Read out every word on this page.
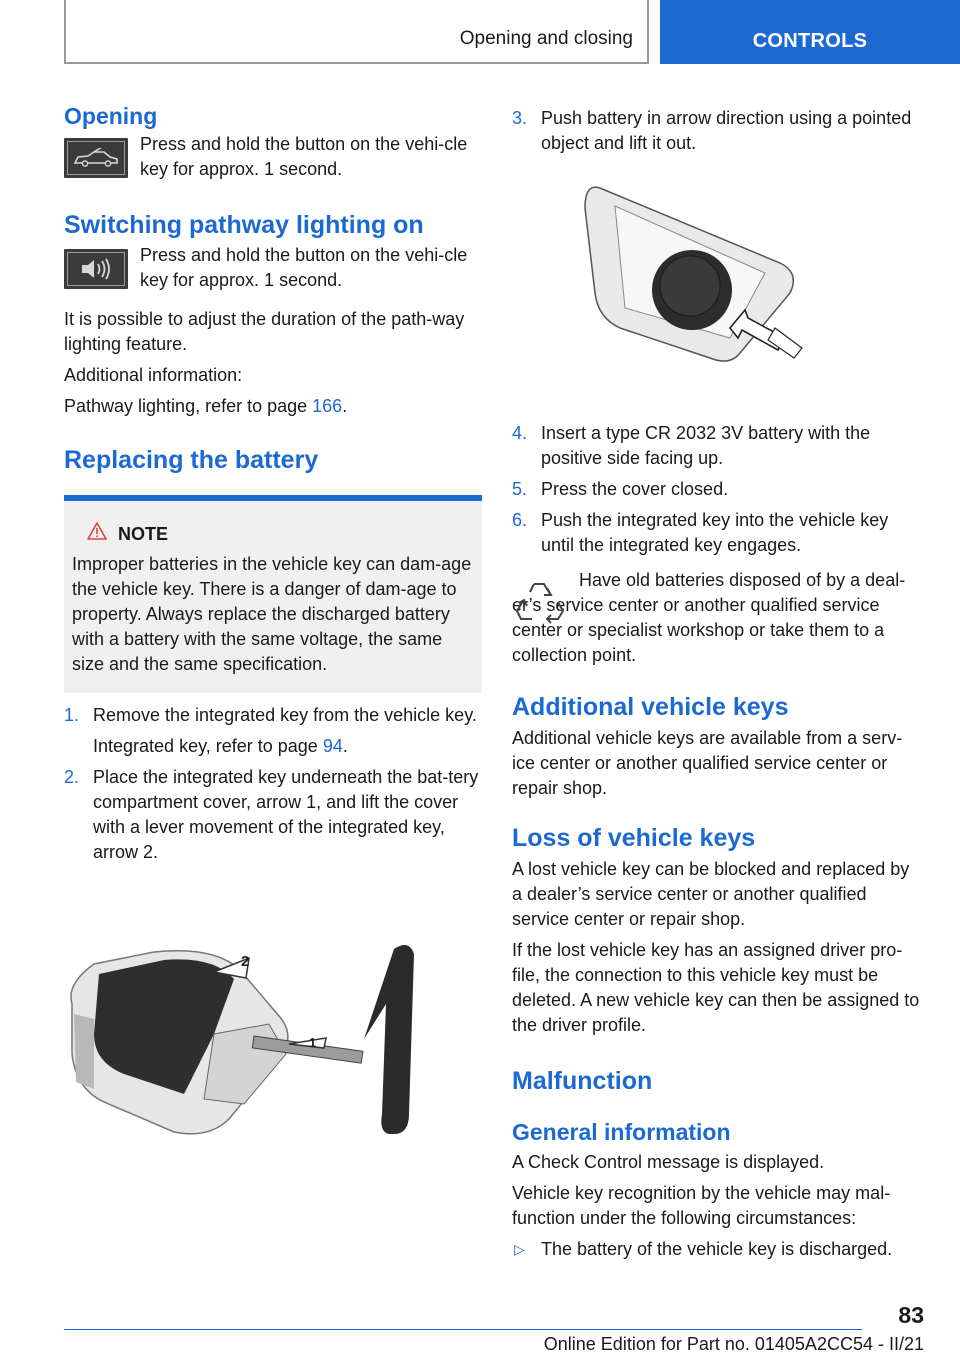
Opening and closing	CONTROLS
Opening

Press and hold the button on the vehi-cle key for approx. 1 second.

Switching pathway lighting on

Press and hold the button on the vehi-cle key for approx. 1 second.

It is possible to adjust the duration of the path-way lighting feature.

Additional information:

Pathway lighting, refer to page 166.

Replacing the battery
NOTE

Improper batteries in the vehicle key can dam-age the vehicle key. There is a danger of dam-age to property. Always replace the discharged battery with a battery with the same voltage, the same size and the same specification.

1. Remove the integrated key from the vehicle key.

Integrated key, refer to page 94.

2. Place the integrated key underneath the bat-tery compartment cover, arrow 1, and lift the cover with a lever movement of the integrated key, arrow 2.

2
1
3. Push battery in arrow direction using a pointed object and lift it out.

4. Insert a type CR 2032 3V battery with the positive side facing up.

5. Press the cover closed.

6. Push the integrated key into the vehicle key until the integrated key engages.

Have old batteries disposed of by a deal-er’s service center or another qualified service center or specialist workshop or take them to a collection point.

Additional vehicle keys

Additional vehicle keys are available from a serv-ice center or another qualified service center or repair shop.

Loss of vehicle keys

A lost vehicle key can be blocked and replaced by a dealer’s service center or another qualified service center or repair shop.

If the lost vehicle key has an assigned driver pro-file, the connection to this vehicle key must be deleted. A new vehicle key can then be assigned to the driver profile.

Malfunction
General information

A Check Control message is displayed.

Vehicle key recognition by the vehicle may mal-function under the following circumstances:

▷ The battery of the vehicle key is discharged.

83
Online Edition for Part no. 01405A2CC54 - II/21
